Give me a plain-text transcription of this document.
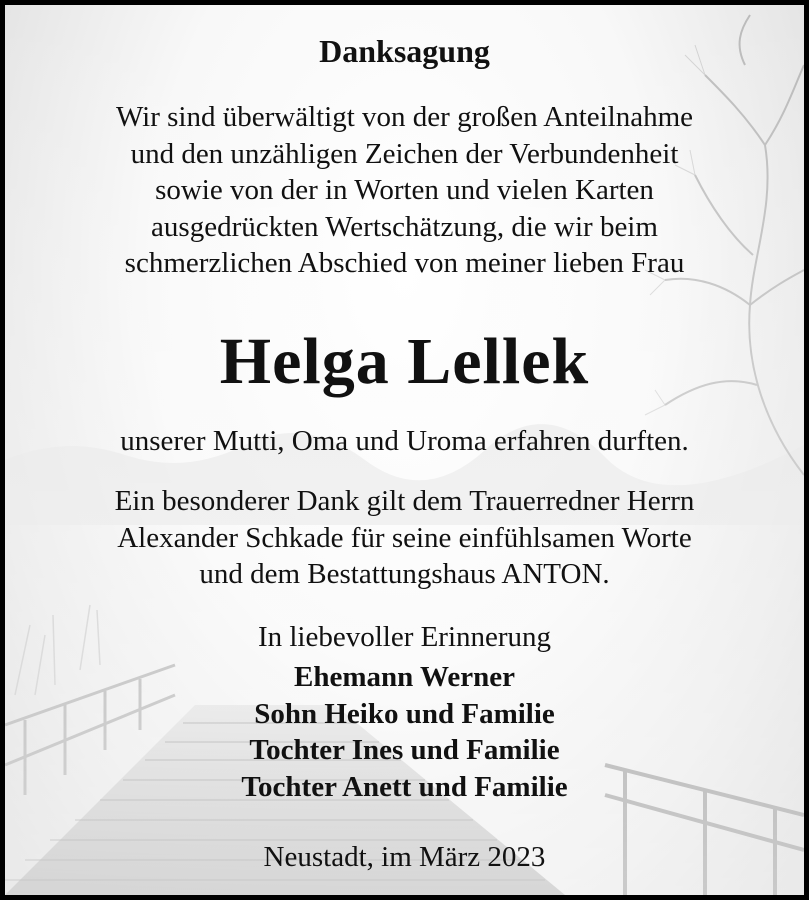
Danksagung
Wir sind überwältigt von der großen Anteilnahme
und den unzähligen Zeichen der Verbundenheit
sowie von der in Worten und vielen Karten
ausgedrückten Wertschätzung, die wir beim
schmerzlichen Abschied von meiner lieben Frau
Helga Lellek
unserer Mutti, Oma und Uroma erfahren durften.
Ein besonderer Dank gilt dem Trauerredner Herrn
Alexander Schkade für seine einfühlsamen Worte
und dem Bestattungshaus ANTON.
In liebevoller Erinnerung
Ehemann Werner
Sohn Heiko und Familie
Tochter Ines und Familie
Tochter Anett und Familie
Neustadt, im März 2023
